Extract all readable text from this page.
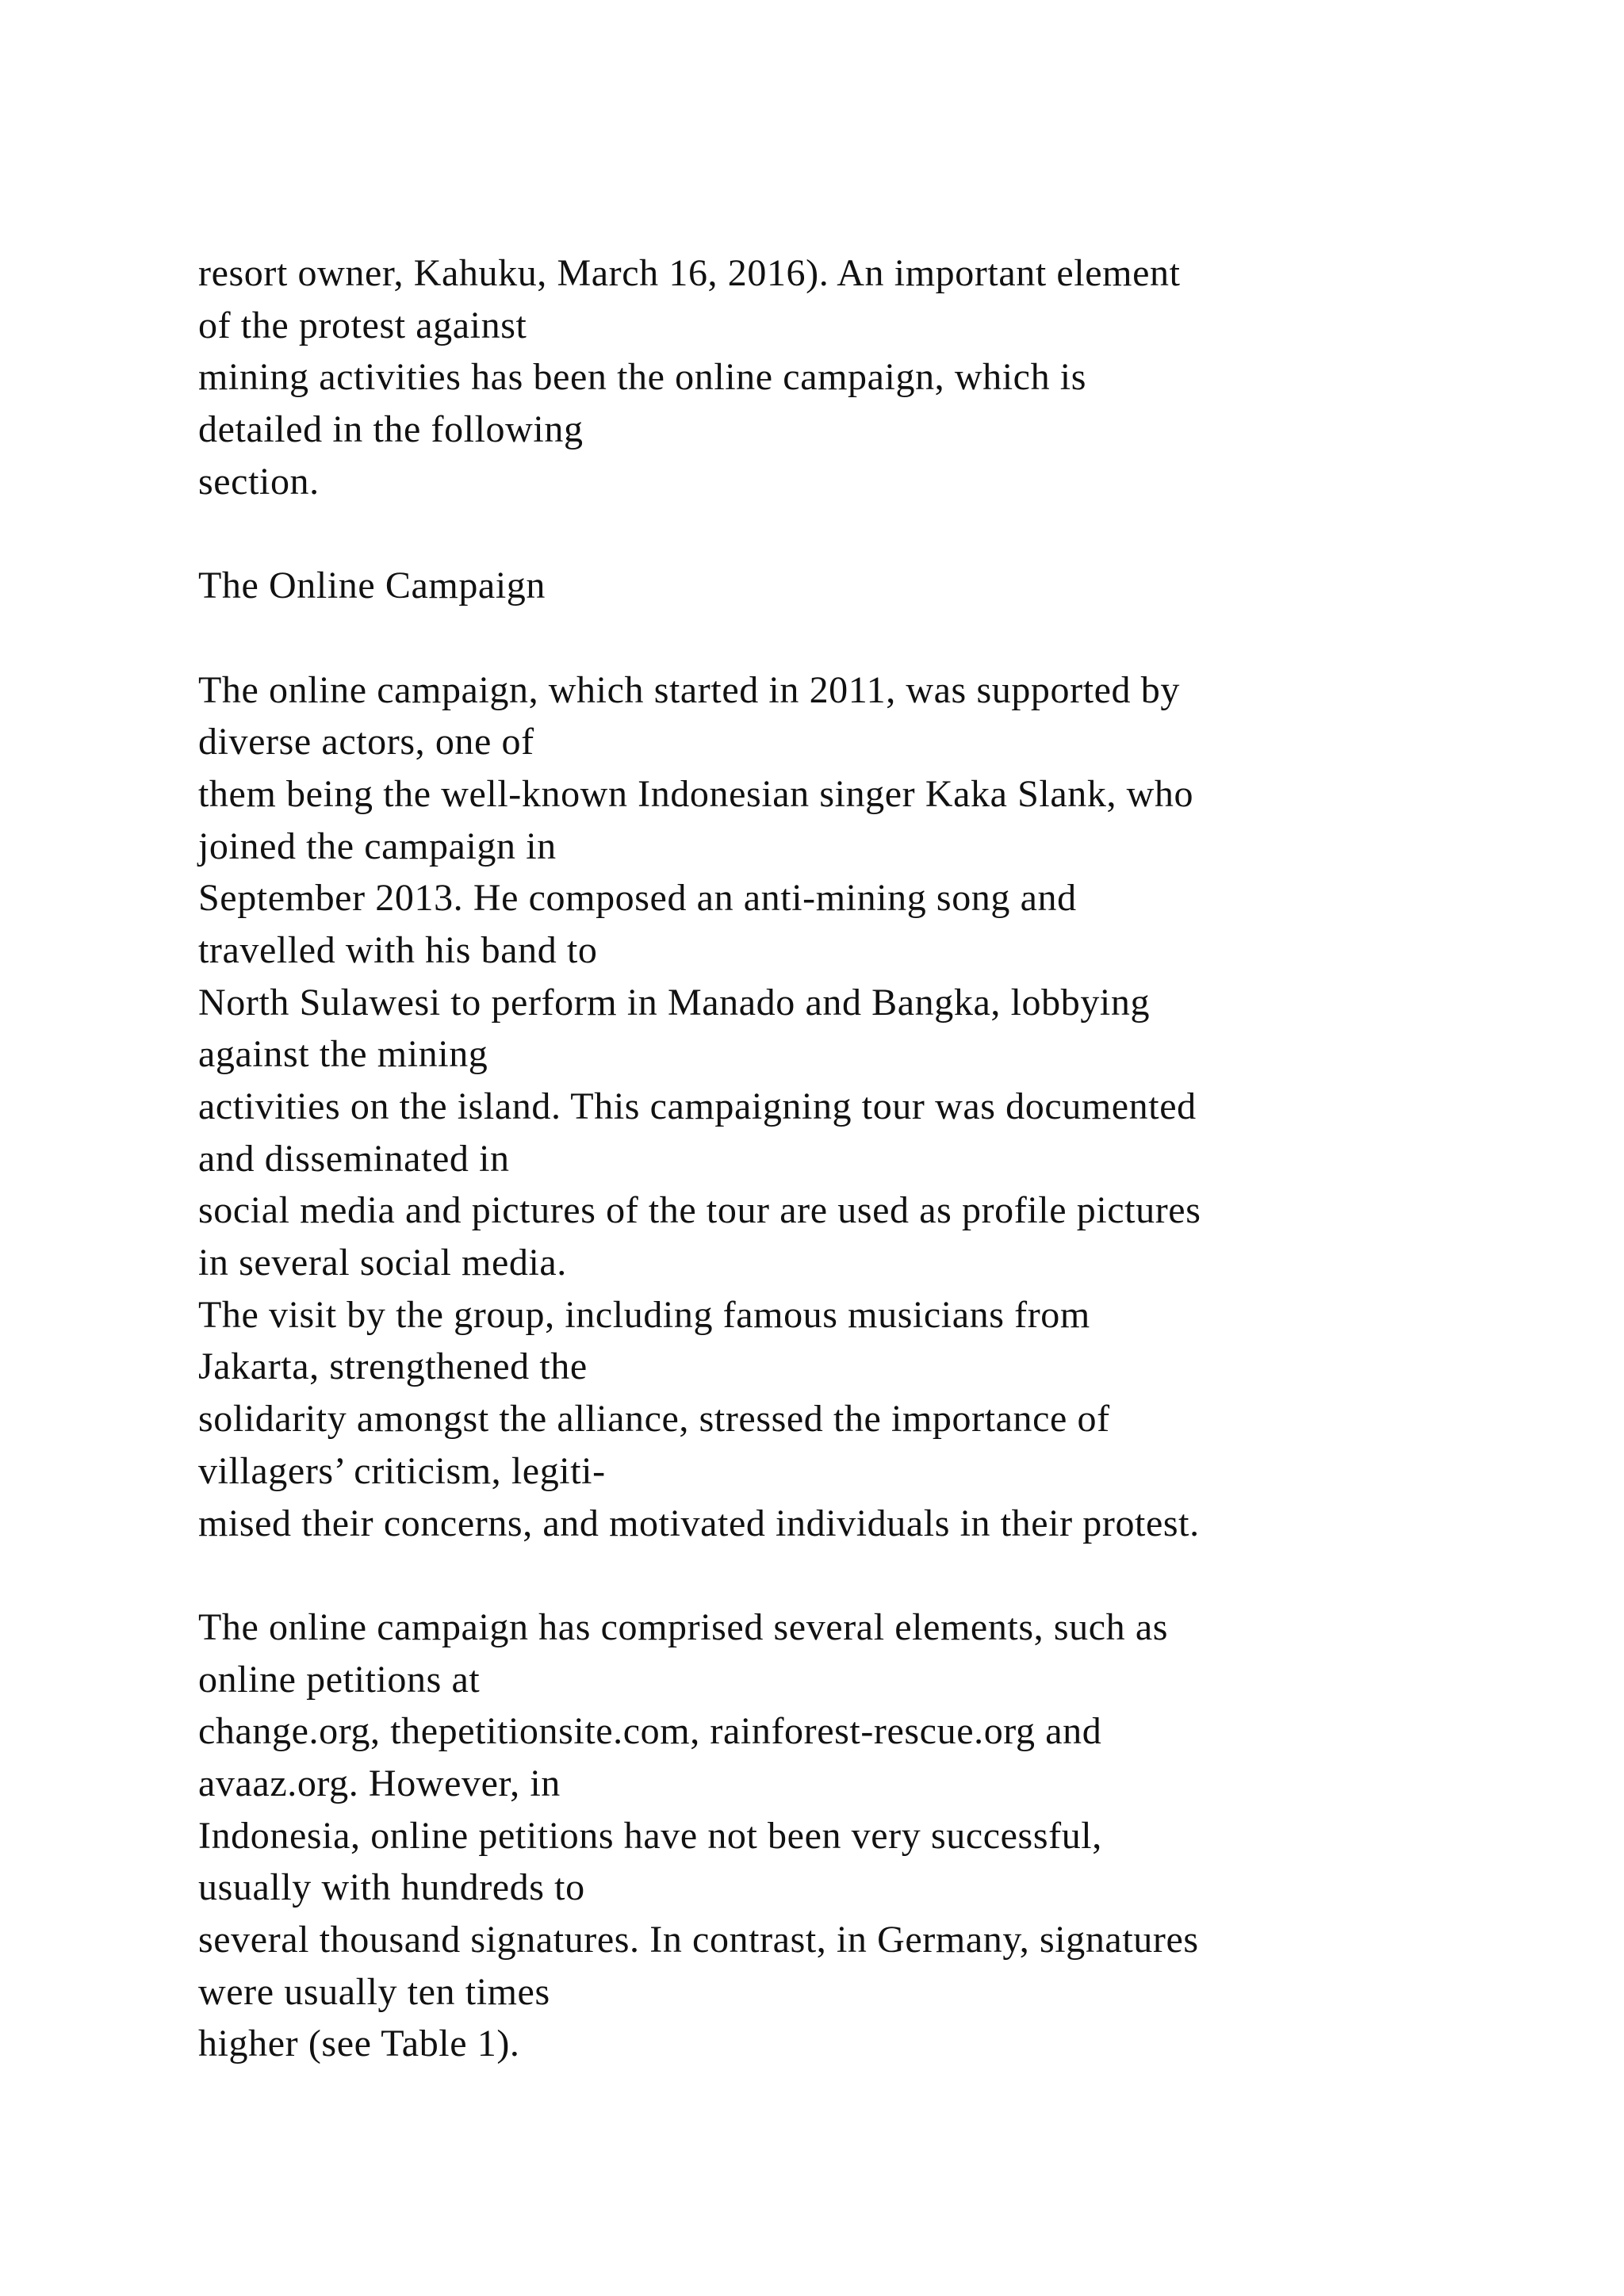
resort owner, Kahuku, March 16, 2016). An important element
of the protest against
mining activities has been the online campaign, which is
detailed in the following
section.
The Online Campaign
The online campaign, which started in 2011, was supported by
diverse actors, one of
them being the well-known Indonesian singer Kaka Slank, who
joined the campaign in
September 2013. He composed an anti-mining song and
travelled with his band to
North Sulawesi to perform in Manado and Bangka, lobbying
against the mining
activities on the island. This campaigning tour was documented
and disseminated in
social media and pictures of the tour are used as profile pictures
in several social media.
The visit by the group, including famous musicians from
Jakarta, strengthened the
solidarity amongst the alliance, stressed the importance of
villagers’ criticism, legiti-
mised their concerns, and motivated individuals in their protest.
The online campaign has comprised several elements, such as
online petitions at
change.org, thepetitionsite.com, rainforest-rescue.org and
avaaz.org. However, in
Indonesia, online petitions have not been very successful,
usually with hundreds to
several thousand signatures. In contrast, in Germany, signatures
were usually ten times
higher (see Table 1).
